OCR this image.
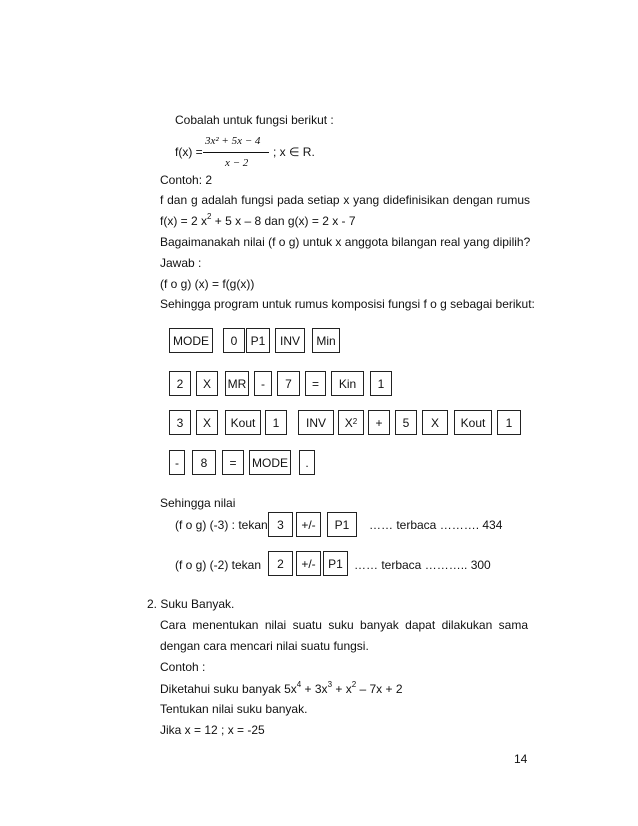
Cobalah untuk fungsi berikut :
f(x) =
3x² + 5x − 4
x − 2
; x ∈ R.
Contoh: 2
f dan g adalah fungsi pada setiap x yang didefinisikan dengan rumus
f(x) = 2 $x^2 + 5$ x – 8 dan g(x) = 2 x - 7
Bagaimanakah nilai (f o g) untuk x anggota bilangan real yang dipilih?
Jawab :
(f o g) (x) = f(g(x))
Sehingga program untuk rumus komposisi fungsi f o g sebagai berikut:
MODE	0	P1	INV	Min
2	X	MR	-	7	=	Kin	1
3	X	Kout	1	INV	$X^2$	+	5	X	Kout	1
-	8	=	MODE	.
Sehingga nilai
(f o g) (-3) : tekan 3	+/-	P1	…… terbaca ………. 434
(f o g) (-2) tekan	2	+/-	P1 …… terbaca ……….. 300
2. Suku Banyak.
Cara menentukan nilai suatu suku banyak dapat dilakukan sama
dengan cara mencari nilai suatu fungsi.
Contoh :
Diketahui suku banyak $5x^4 + 3x^3 + x^2 - 7x + 2$
Tentukan nilai suku banyak.
Jika x = 12 ; x = -25
14
